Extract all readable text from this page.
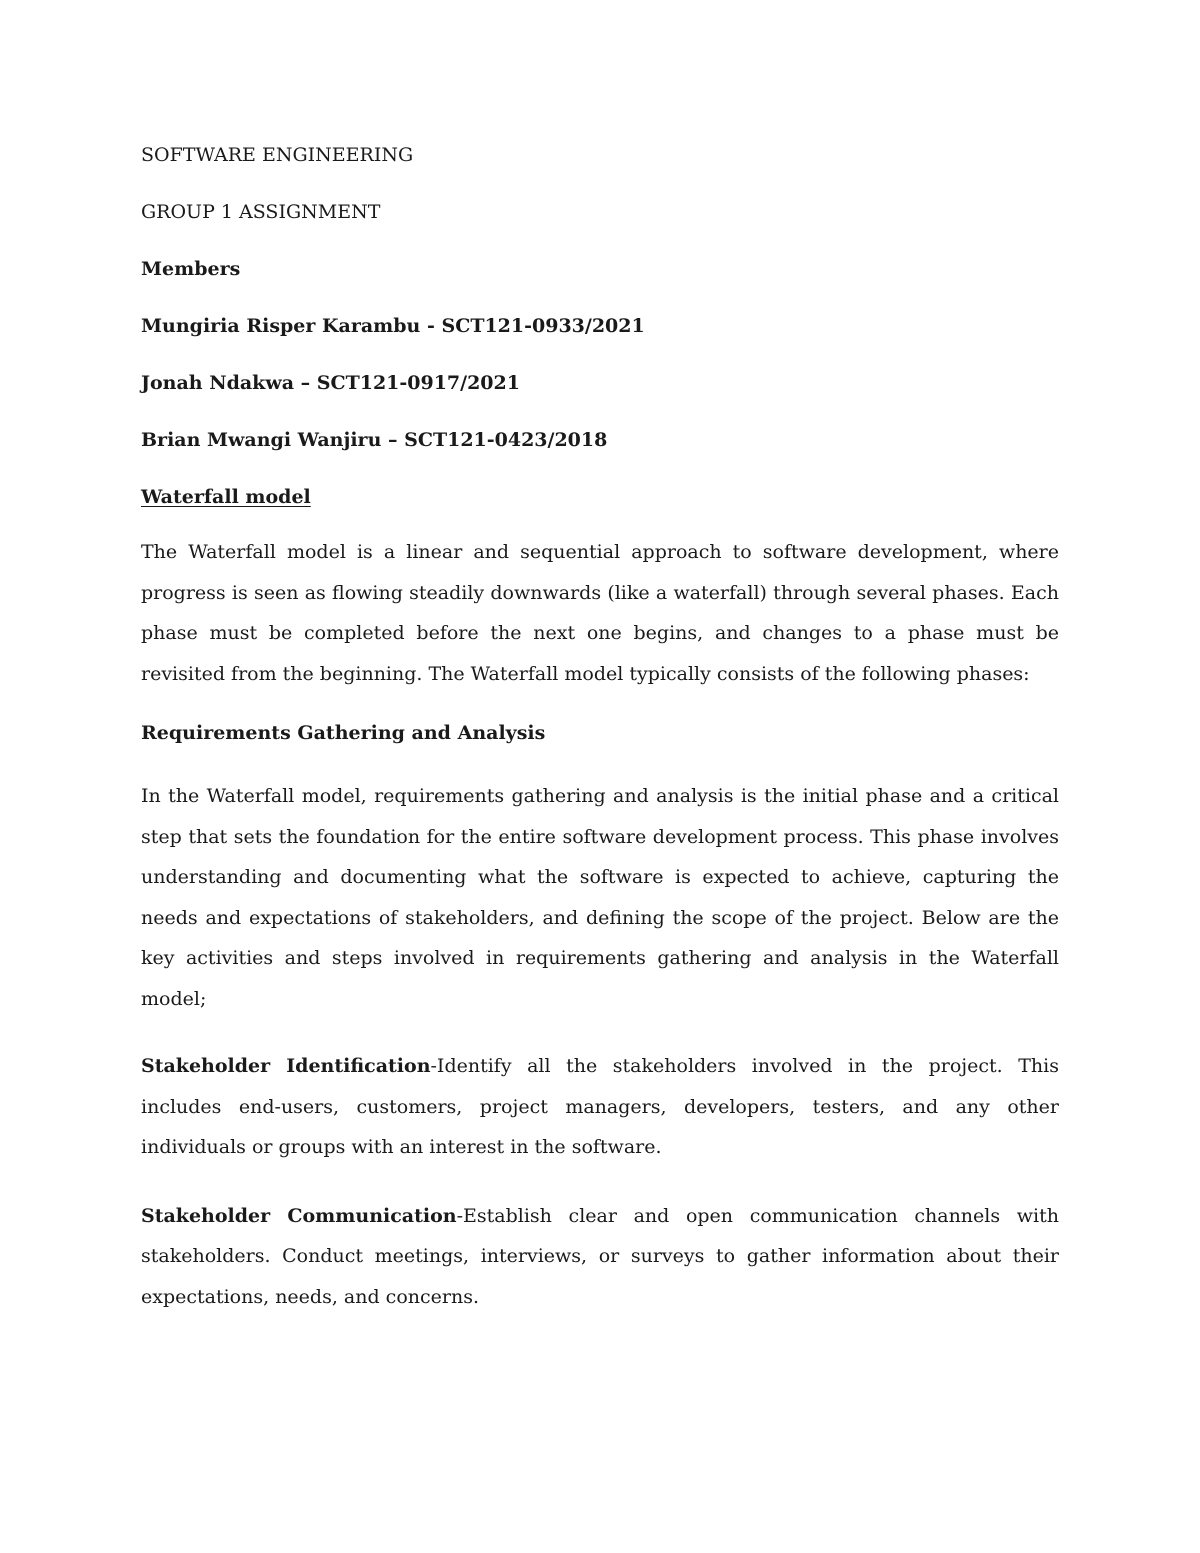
SOFTWARE ENGINEERING

GROUP 1 ASSIGNMENT

Members

Mungiria Risper Karambu - SCT121-0933/2021

Jonah Ndakwa – SCT121-0917/2021

Brian Mwangi Wanjiru – SCT121-0423/2018

Waterfall model

The Waterfall model is a linear and sequential approach to software development, where progress is seen as flowing steadily downwards (like a waterfall) through several phases. Each phase must be completed before the next one begins, and changes to a phase must be revisited from the beginning. The Waterfall model typically consists of the following phases:

Requirements Gathering and Analysis

In the Waterfall model, requirements gathering and analysis is the initial phase and a critical step that sets the foundation for the entire software development process. This phase involves understanding and documenting what the software is expected to achieve, capturing the needs and expectations of stakeholders, and defining the scope of the project. Below are the key activities and steps involved in requirements gathering and analysis in the Waterfall model;

Stakeholder Identification-Identify all the stakeholders involved in the project. This includes end-users, customers, project managers, developers, testers, and any other individuals or groups with an interest in the software.

Stakeholder Communication-Establish clear and open communication channels with stakeholders. Conduct meetings, interviews, or surveys to gather information about their expectations, needs, and concerns.
